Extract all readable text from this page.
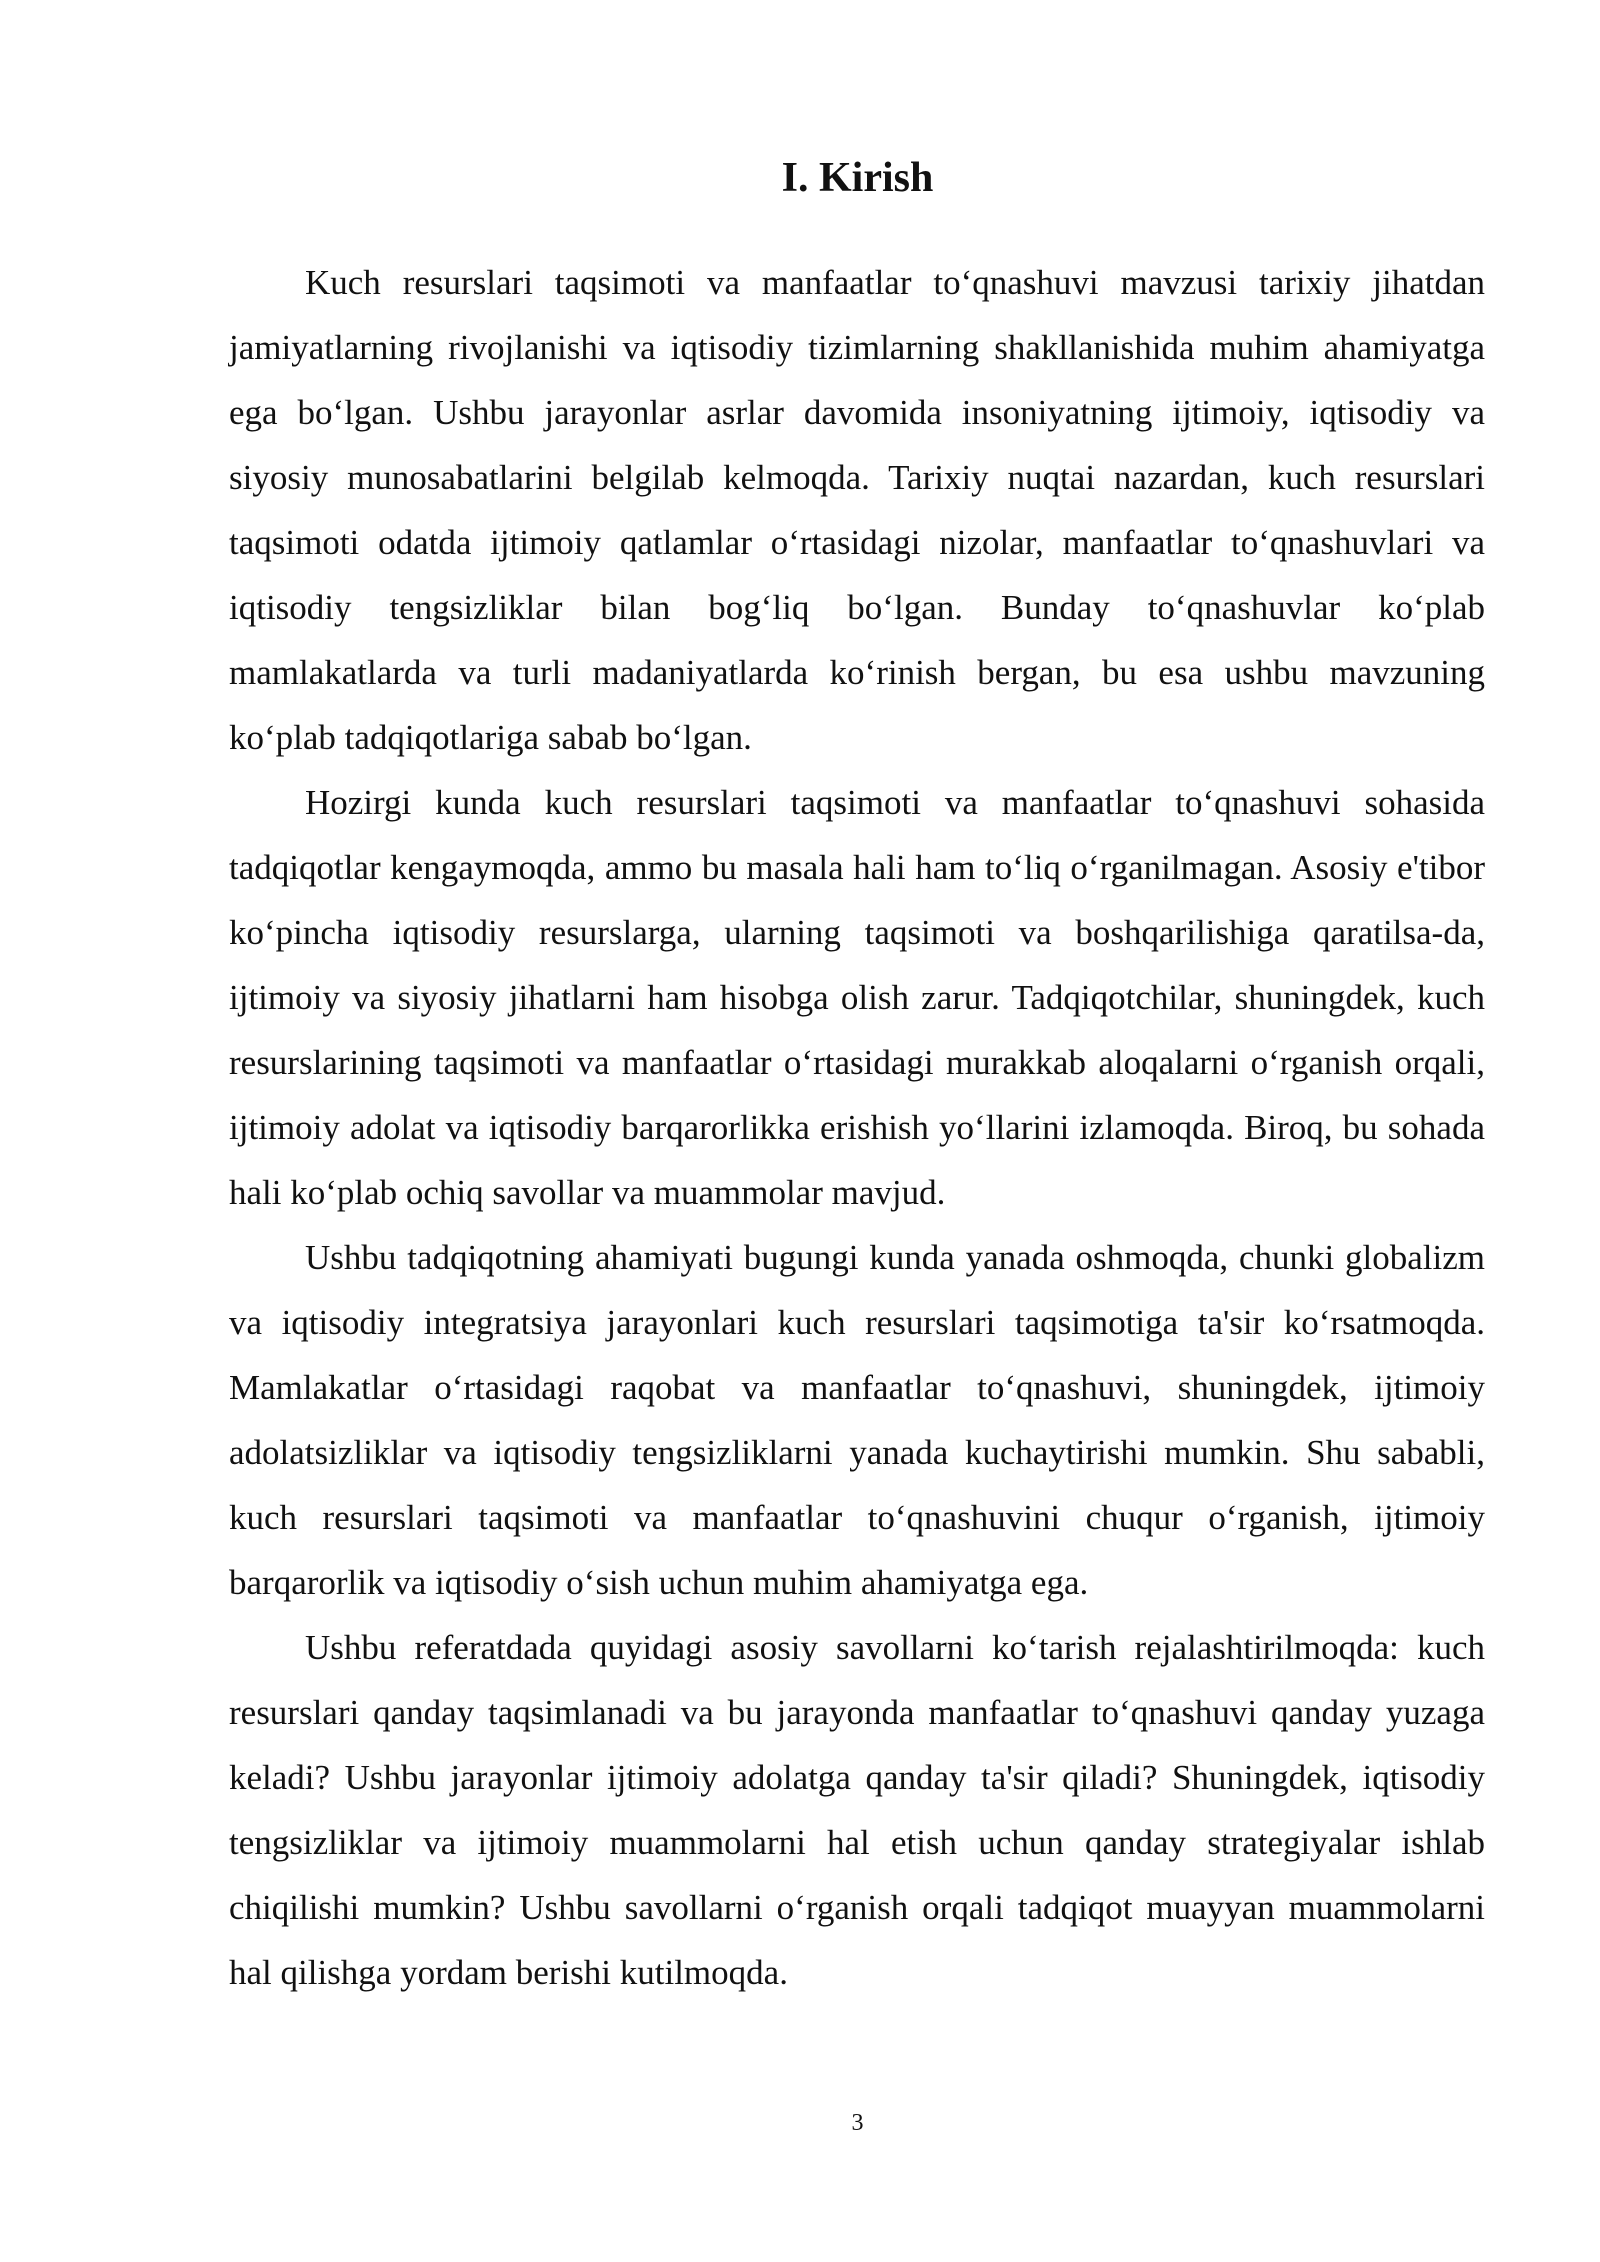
I. Kirish

Kuch resurslari taqsimoti va manfaatlar to‘qnashuvi mavzusi tarixiy jihatdan jamiyatlarning rivojlanishi va iqtisodiy tizimlarning shakllanishida muhim ahamiyatga ega bo‘lgan. Ushbu jarayonlar asrlar davomida insoniyatning ijtimoiy, iqtisodiy va siyosiy munosabatlarini belgilab kelmoqda. Tarixiy nuqtai nazardan, kuch resurslari taqsimoti odatda ijtimoiy qatlamlar o‘rtasidagi nizolar, manfaatlar to‘qnashuvlari va iqtisodiy tengsizliklar bilan bog‘liq bo‘lgan. Bunday to‘qnashuvlar ko‘plab mamlakatlarda va turli madaniyatlarda ko‘rinish bergan, bu esa ushbu mavzuning ko‘plab tadqiqotlariga sabab bo‘lgan.

Hozirgi kunda kuch resurslari taqsimoti va manfaatlar to‘qnashuvi sohasida tadqiqotlar kengaymoqda, ammo bu masala hali ham to‘liq o‘rganilmagan. Asosiy e'tibor ko‘pincha iqtisodiy resurslarga, ularning taqsimoti va boshqarilishiga qaratilsa-da, ijtimoiy va siyosiy jihatlarni ham hisobga olish zarur. Tadqiqotchilar, shuningdek, kuch resurslarining taqsimoti va manfaatlar o‘rtasidagi murakkab aloqalarni o‘rganish orqali, ijtimoiy adolat va iqtisodiy barqarorlikka erishish yo‘llarini izlamoqda. Biroq, bu sohada hali ko‘plab ochiq savollar va muammolar mavjud.

Ushbu tadqiqotning ahamiyati bugungi kunda yanada oshmoqda, chunki globalizm va iqtisodiy integratsiya jarayonlari kuch resurslari taqsimotiga ta'sir ko‘rsatmoqda. Mamlakatlar o‘rtasidagi raqobat va manfaatlar to‘qnashuvi, shuningdek, ijtimoiy adolatsizliklar va iqtisodiy tengsizliklarni yanada kuchaytirishi mumkin. Shu sababli, kuch resurslari taqsimoti va manfaatlar to‘qnashuvini chuqur o‘rganish, ijtimoiy barqarorlik va iqtisodiy o‘sish uchun muhim ahamiyatga ega.

Ushbu referatdada quyidagi asosiy savollarni ko‘tarish rejalashtirilmoqda: kuch resurslari qanday taqsimlanadi va bu jarayonda manfaatlar to‘qnashuvi qanday yuzaga keladi? Ushbu jarayonlar ijtimoiy adolatga qanday ta'sir qiladi? Shuningdek, iqtisodiy tengsizliklar va ijtimoiy muammolarni hal etish uchun qanday strategiyalar ishlab chiqilishi mumkin? Ushbu savollarni o‘rganish orqali tadqiqot muayyan muammolarni hal qilishga yordam berishi kutilmoqda.

3
